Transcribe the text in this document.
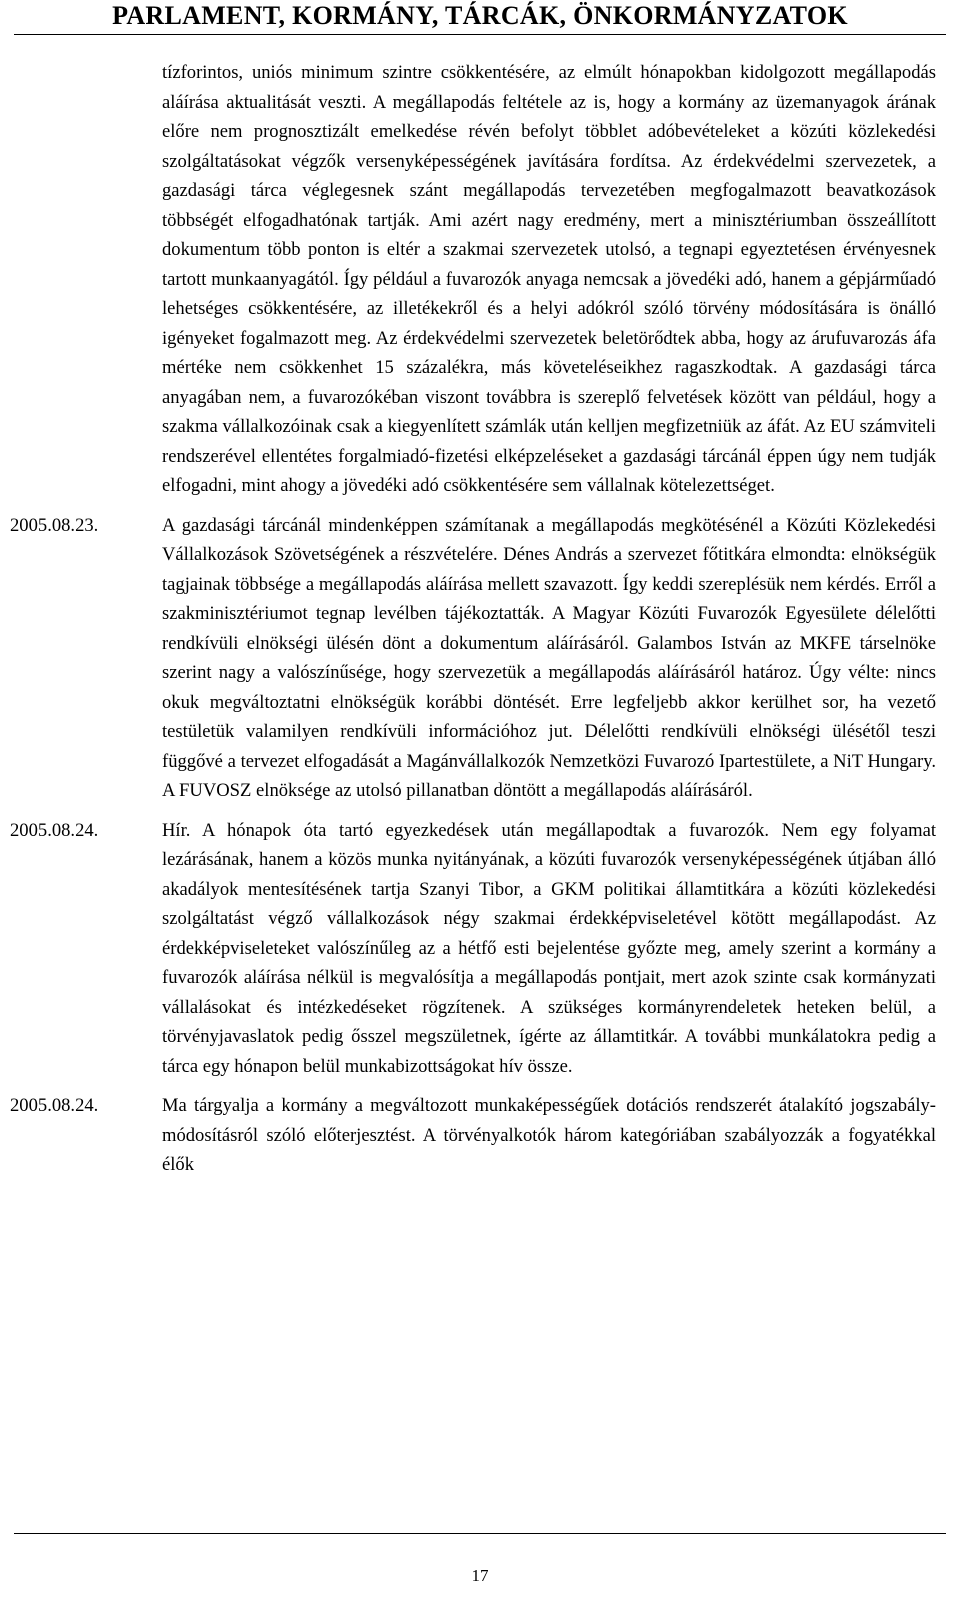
PARLAMENT, KORMÁNY, TÁRCÁK, ÖNKORMÁNYZATOK
tízforintos, uniós minimum szintre csökkentésére, az elmúlt hónapokban kidolgozott megállapodás aláírása aktualitását veszti. A megállapodás feltétele az is, hogy a kormány az üzemanyagok árának előre nem prognosztizált emelkedése révén befolyt többlet adóbevételeket a közúti közlekedési szolgáltatásokat végzők versenyképességének javítására fordítsa. Az érdekvédelmi szervezetek, a gazdasági tárca véglegesnek szánt megállapodás tervezetében megfogalmazott beavatkozások többségét elfogadhatónak tartják. Ami azért nagy eredmény, mert a minisztériumban összeállított dokumentum több ponton is eltér a szakmai szervezetek utolsó, a tegnapi egyeztetésen érvényesnek tartott munkaanyagától. Így például a fuvarozók anyaga nemcsak a jövedéki adó, hanem a gépjárműadó lehetséges csökkentésére, az illetékekről és a helyi adókról szóló törvény módosítására is önálló igényeket fogalmazott meg. Az érdekvédelmi szervezetek beletörődtek abba, hogy az árufuvarozás áfa mértéke nem csökkenhet 15 százalékra, más követeléseikhez ragaszkodtak. A gazdasági tárca anyagában nem, a fuvarozókéban viszont továbbra is szereplő felvetések között van például, hogy a szakma vállalkozóinak csak a kiegyenlített számlák után kelljen megfizetniük az áfát. Az EU számviteli rendszerével ellentétes forgalmiadó-fizetési elképzeléseket a gazdasági tárcánál éppen úgy nem tudják elfogadni, mint ahogy a jövedéki adó csökkentésére sem vállalnak kötelezettséget.
2005.08.23.	A gazdasági tárcánál mindenképpen számítanak a megállapodás megkötésénél a Közúti Közlekedési Vállalkozások Szövetségének a részvételére. Dénes András a szervezet főtitkára elmondta: elnökségük tagjainak többsége a megállapodás aláírása mellett szavazott. Így keddi szereplésük nem kérdés. Erről a szakminisztériumot tegnap levélben tájékoztatták. A Magyar Közúti Fuvarozók Egyesülete délelőtti rendkívüli elnökségi ülésén dönt a dokumentum aláírásáról. Galambos István az MKFE társelnöke szerint nagy a valószínűsége, hogy szervezetük a megállapodás aláírásáról határoz. Úgy vélte: nincs okuk megváltoztatni elnökségük korábbi döntését. Erre legfeljebb akkor kerülhet sor, ha vezető testületük valamilyen rendkívüli információhoz jut. Délelőtti rendkívüli elnökségi ülésétől teszi függővé a tervezet elfogadását a Magánvállalkozók Nemzetközi Fuvarozó Ipartestülete, a NiT Hungary. A FUVOSZ elnöksége az utolsó pillanatban döntött a megállapodás aláírásáról.
2005.08.24.	Hír. A hónapok óta tartó egyezkedések után megállapodtak a fuvarozók. Nem egy folyamat lezárásának, hanem a közös munka nyitányának, a közúti fuvarozók versenyképességének útjában álló akadályok mentesítésének tartja Szanyi Tibor, a GKM politikai államtitkára a közúti közlekedési szolgáltatást végző vállalkozások négy szakmai érdekképviseletével kötött megállapodást. Az érdekképviseleteket valószínűleg az a hétfő esti bejelentése győzte meg, amely szerint a kormány a fuvarozók aláírása nélkül is megvalósítja a megállapodás pontjait, mert azok szinte csak kormányzati vállalásokat és intézkedéseket rögzítenek. A szükséges kormányrendeletek heteken belül, a törvényjavaslatok pedig ősszel megszületnek, ígérte az államtitkár. A további munkálatokra pedig a tárca egy hónapon belül munkabizottságokat hív össze.
2005.08.24.	Ma tárgyalja a kormány a megváltozott munkaképességűek dotációs rendszerét átalakító jogszabály-módosításról szóló előterjesztést. A törvényalkotók három kategóriában szabályozzák a fogyatékkal élők
17
